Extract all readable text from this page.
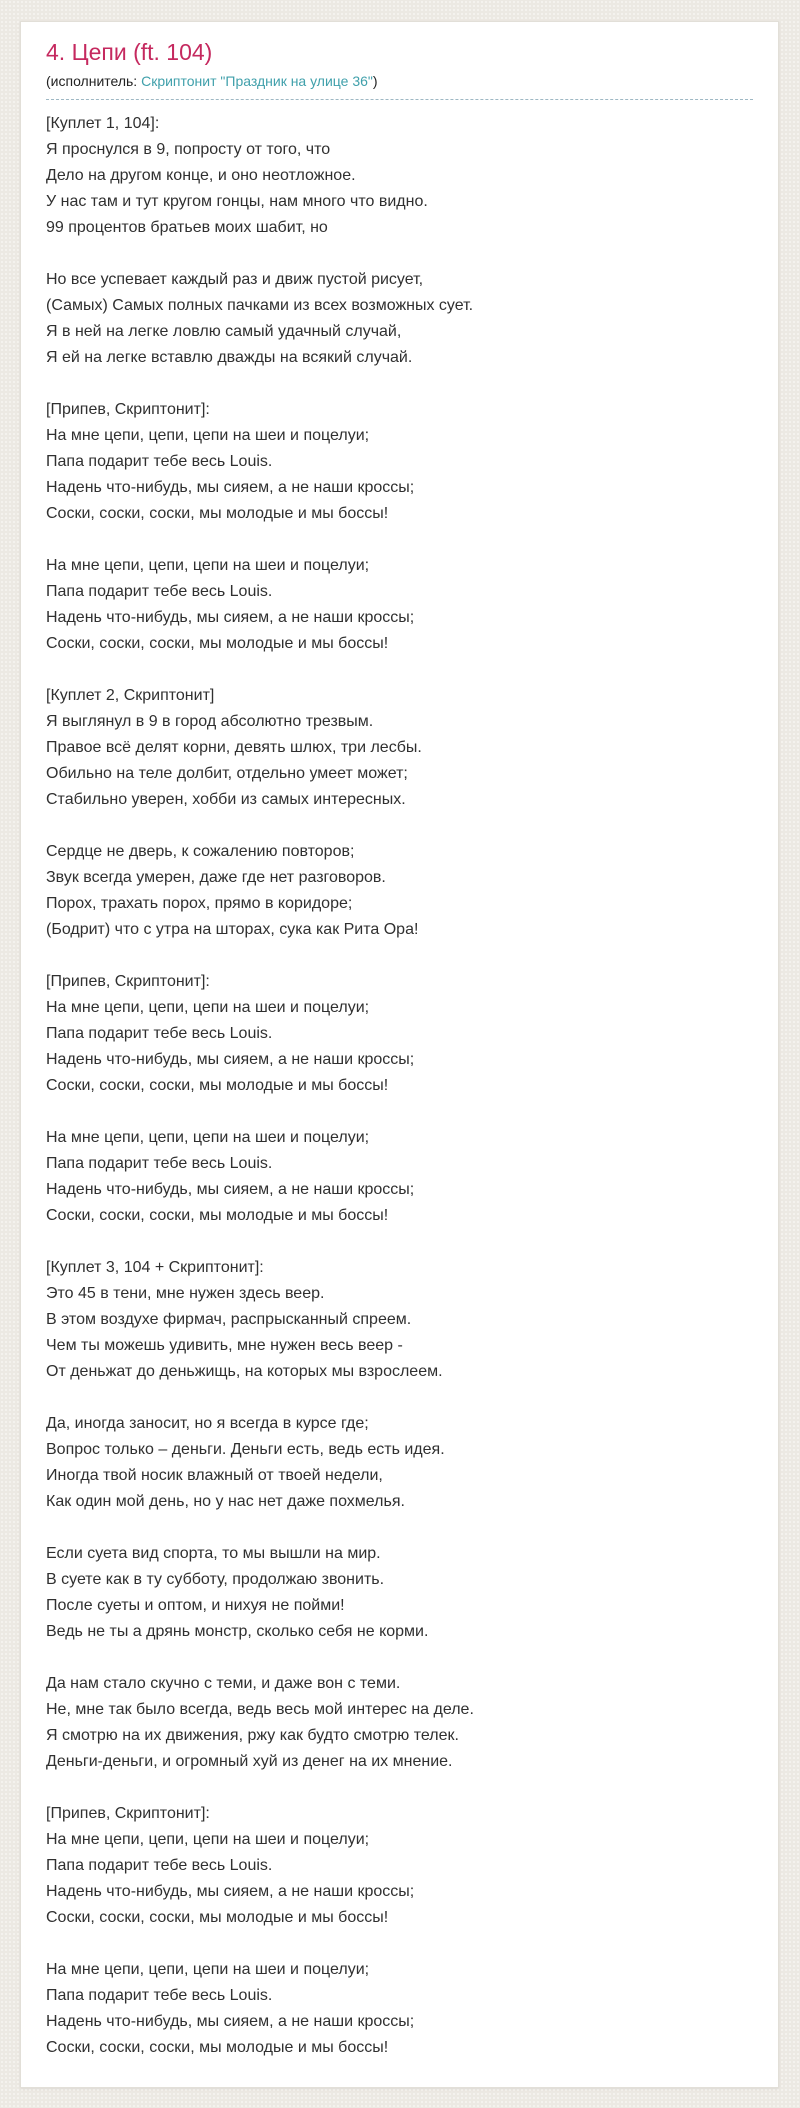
4. Цепи (ft. 104)
(исполнитель: Скриптонит "Праздник на улице 36")
[Куплет 1, 104]:
Я проснулся в 9, попросту от того, что
Дело на другом конце, и оно неотложное.
У нас там и тут кругом гонцы, нам много что видно.
99 процентов братьев моих шабит, но
Но все успевает каждый раз и движ пустой рисует,
(Самых) Самых полных пачками из всех возможных сует.
Я в ней на легке ловлю самый удачный случай,
Я ей на легке вставлю дважды на всякий случай.
[Припев, Скриптонит]:
На мне цепи, цепи, цепи на шеи и поцелуи;
Папа подарит тебе весь Louis.
Надень что-нибудь, мы сияем, а не наши кроссы;
Соски, соски, соски, мы молодые и мы боссы!
На мне цепи, цепи, цепи на шеи и поцелуи;
Папа подарит тебе весь Louis.
Надень что-нибудь, мы сияем, а не наши кроссы;
Соски, соски, соски, мы молодые и мы боссы!
[Куплет 2, Скриптонит]
Я выглянул в 9 в город абсолютно трезвым.
Правое всё делят корни, девять шлюх, три лесбы.
Обильно на теле долбит, отдельно умеет может;
Стабильно уверен, хобби из самых интересных.
Сердце не дверь, к сожалению повторов;
Звук всегда умерен, даже где нет разговоров.
Порох, трахать порох, прямо в коридоре;
(Бодрит) что с утра на шторах, сука как Рита Ора!
[Припев, Скриптонит]:
На мне цепи, цепи, цепи на шеи и поцелуи;
Папа подарит тебе весь Louis.
Надень что-нибудь, мы сияем, а не наши кроссы;
Соски, соски, соски, мы молодые и мы боссы!
На мне цепи, цепи, цепи на шеи и поцелуи;
Папа подарит тебе весь Louis.
Надень что-нибудь, мы сияем, а не наши кроссы;
Соски, соски, соски, мы молодые и мы боссы!
[Куплет 3, 104 + Скриптонит]:
Это 45 в тени, мне нужен здесь веер.
В этом воздухе фирмач, распрысканный спреем.
Чем ты можешь удивить, мне нужен весь веер -
От деньжат до деньжищь, на которых мы взрослеем.
Да, иногда заносит, но я всегда в курсе где;
Вопрос только – деньги. Деньги есть, ведь есть идея.
Иногда твой носик влажный от твоей недели,
Как один мой день, но у нас нет даже похмелья.
Если суета вид спорта, то мы вышли на мир.
В суете как в ту субботу, продолжаю звонить.
После суеты и оптом, и нихуя не пойми!
Ведь не ты а дрянь монстр, сколько себя не корми.
Да нам стало скучно с теми, и даже вон с теми.
Не, мне так было всегда, ведь весь мой интерес на деле.
Я смотрю на их движения, ржу как будто смотрю телек.
Деньги-деньги, и огромный хуй из денег на их мнение.
[Припев, Скриптонит]:
На мне цепи, цепи, цепи на шеи и поцелуи;
Папа подарит тебе весь Louis.
Надень что-нибудь, мы сияем, а не наши кроссы;
Соски, соски, соски, мы молодые и мы боссы!
На мне цепи, цепи, цепи на шеи и поцелуи;
Папа подарит тебе весь Louis.
Надень что-нибудь, мы сияем, а не наши кроссы;
Соски, соски, соски, мы молодые и мы боссы!
